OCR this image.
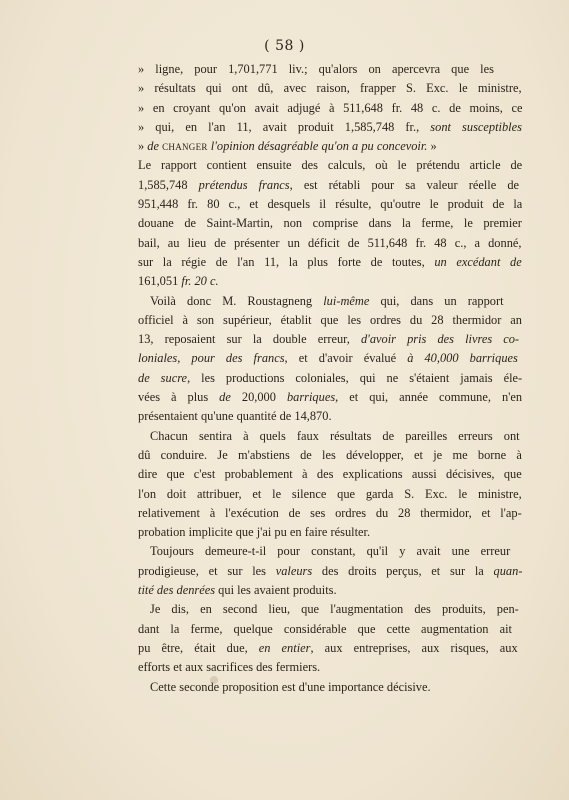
( 58 )
» ligne, pour 1,701,771 liv.; qu'alors on apercevra que les
» résultats qui ont dû, avec raison, frapper S. Exc. le ministre,
» en croyant qu'on avait adjugé à 511,648 fr. 48 c. de moins, ce
» qui, en l'an 11, avait produit 1,585,748 fr., sont susceptibles
» de changer l'opinion désagréable qu'on a pu concevoir. »
Le rapport contient ensuite des calculs, où le prétendu article de
1,585,748 prétendus francs, est rétabli pour sa valeur réelle de
951,448 fr. 80 c., et desquels il résulte, qu'outre le produit de la
douane de Saint-Martin, non comprise dans la ferme, le premier
bail, au lieu de présenter un déficit de 511,648 fr. 48 c., a donné,
sur la régie de l'an 11, la plus forte de toutes, un excédant de
161,051 fr. 20 c.
Voilà donc M. Roustagneng lui-même qui, dans un rapport
officiel à son supérieur, établit que les ordres du 28 thermidor an
13, reposaient sur la double erreur, d'avoir pris des livres co-
loniales, pour des francs, et d'avoir évalué à 40,000 barriques
de sucre, les productions coloniales, qui ne s'étaient jamais éle-
vées à plus de 20,000 barriques, et qui, année commune, n'en
présentaient qu'une quantité de 14,870.
Chacun sentira à quels faux résultats de pareilles erreurs ont
dû conduire. Je m'abstiens de les développer, et je me borne à
dire que c'est probablement à des explications aussi décisives, que
l'on doit attribuer, et le silence que garda S. Exc. le ministre,
relativement à l'exécution de ses ordres du 28 thermidor, et l'ap-
probation implicite que j'ai pu en faire résulter.
Toujours demeure-t-il pour constant, qu'il y avait une erreur
prodigieuse, et sur les valeurs des droits perçus, et sur la quan-
tité des denrées qui les avaient produits.
Je dis, en second lieu, que l'augmentation des produits, pen-
dant la ferme, quelque considérable que cette augmentation ait
pu être, était due, en entier, aux entreprises, aux risques, aux
efforts et aux sacrifices des fermiers.
Cette seconde proposition est d'une importance décisive.
